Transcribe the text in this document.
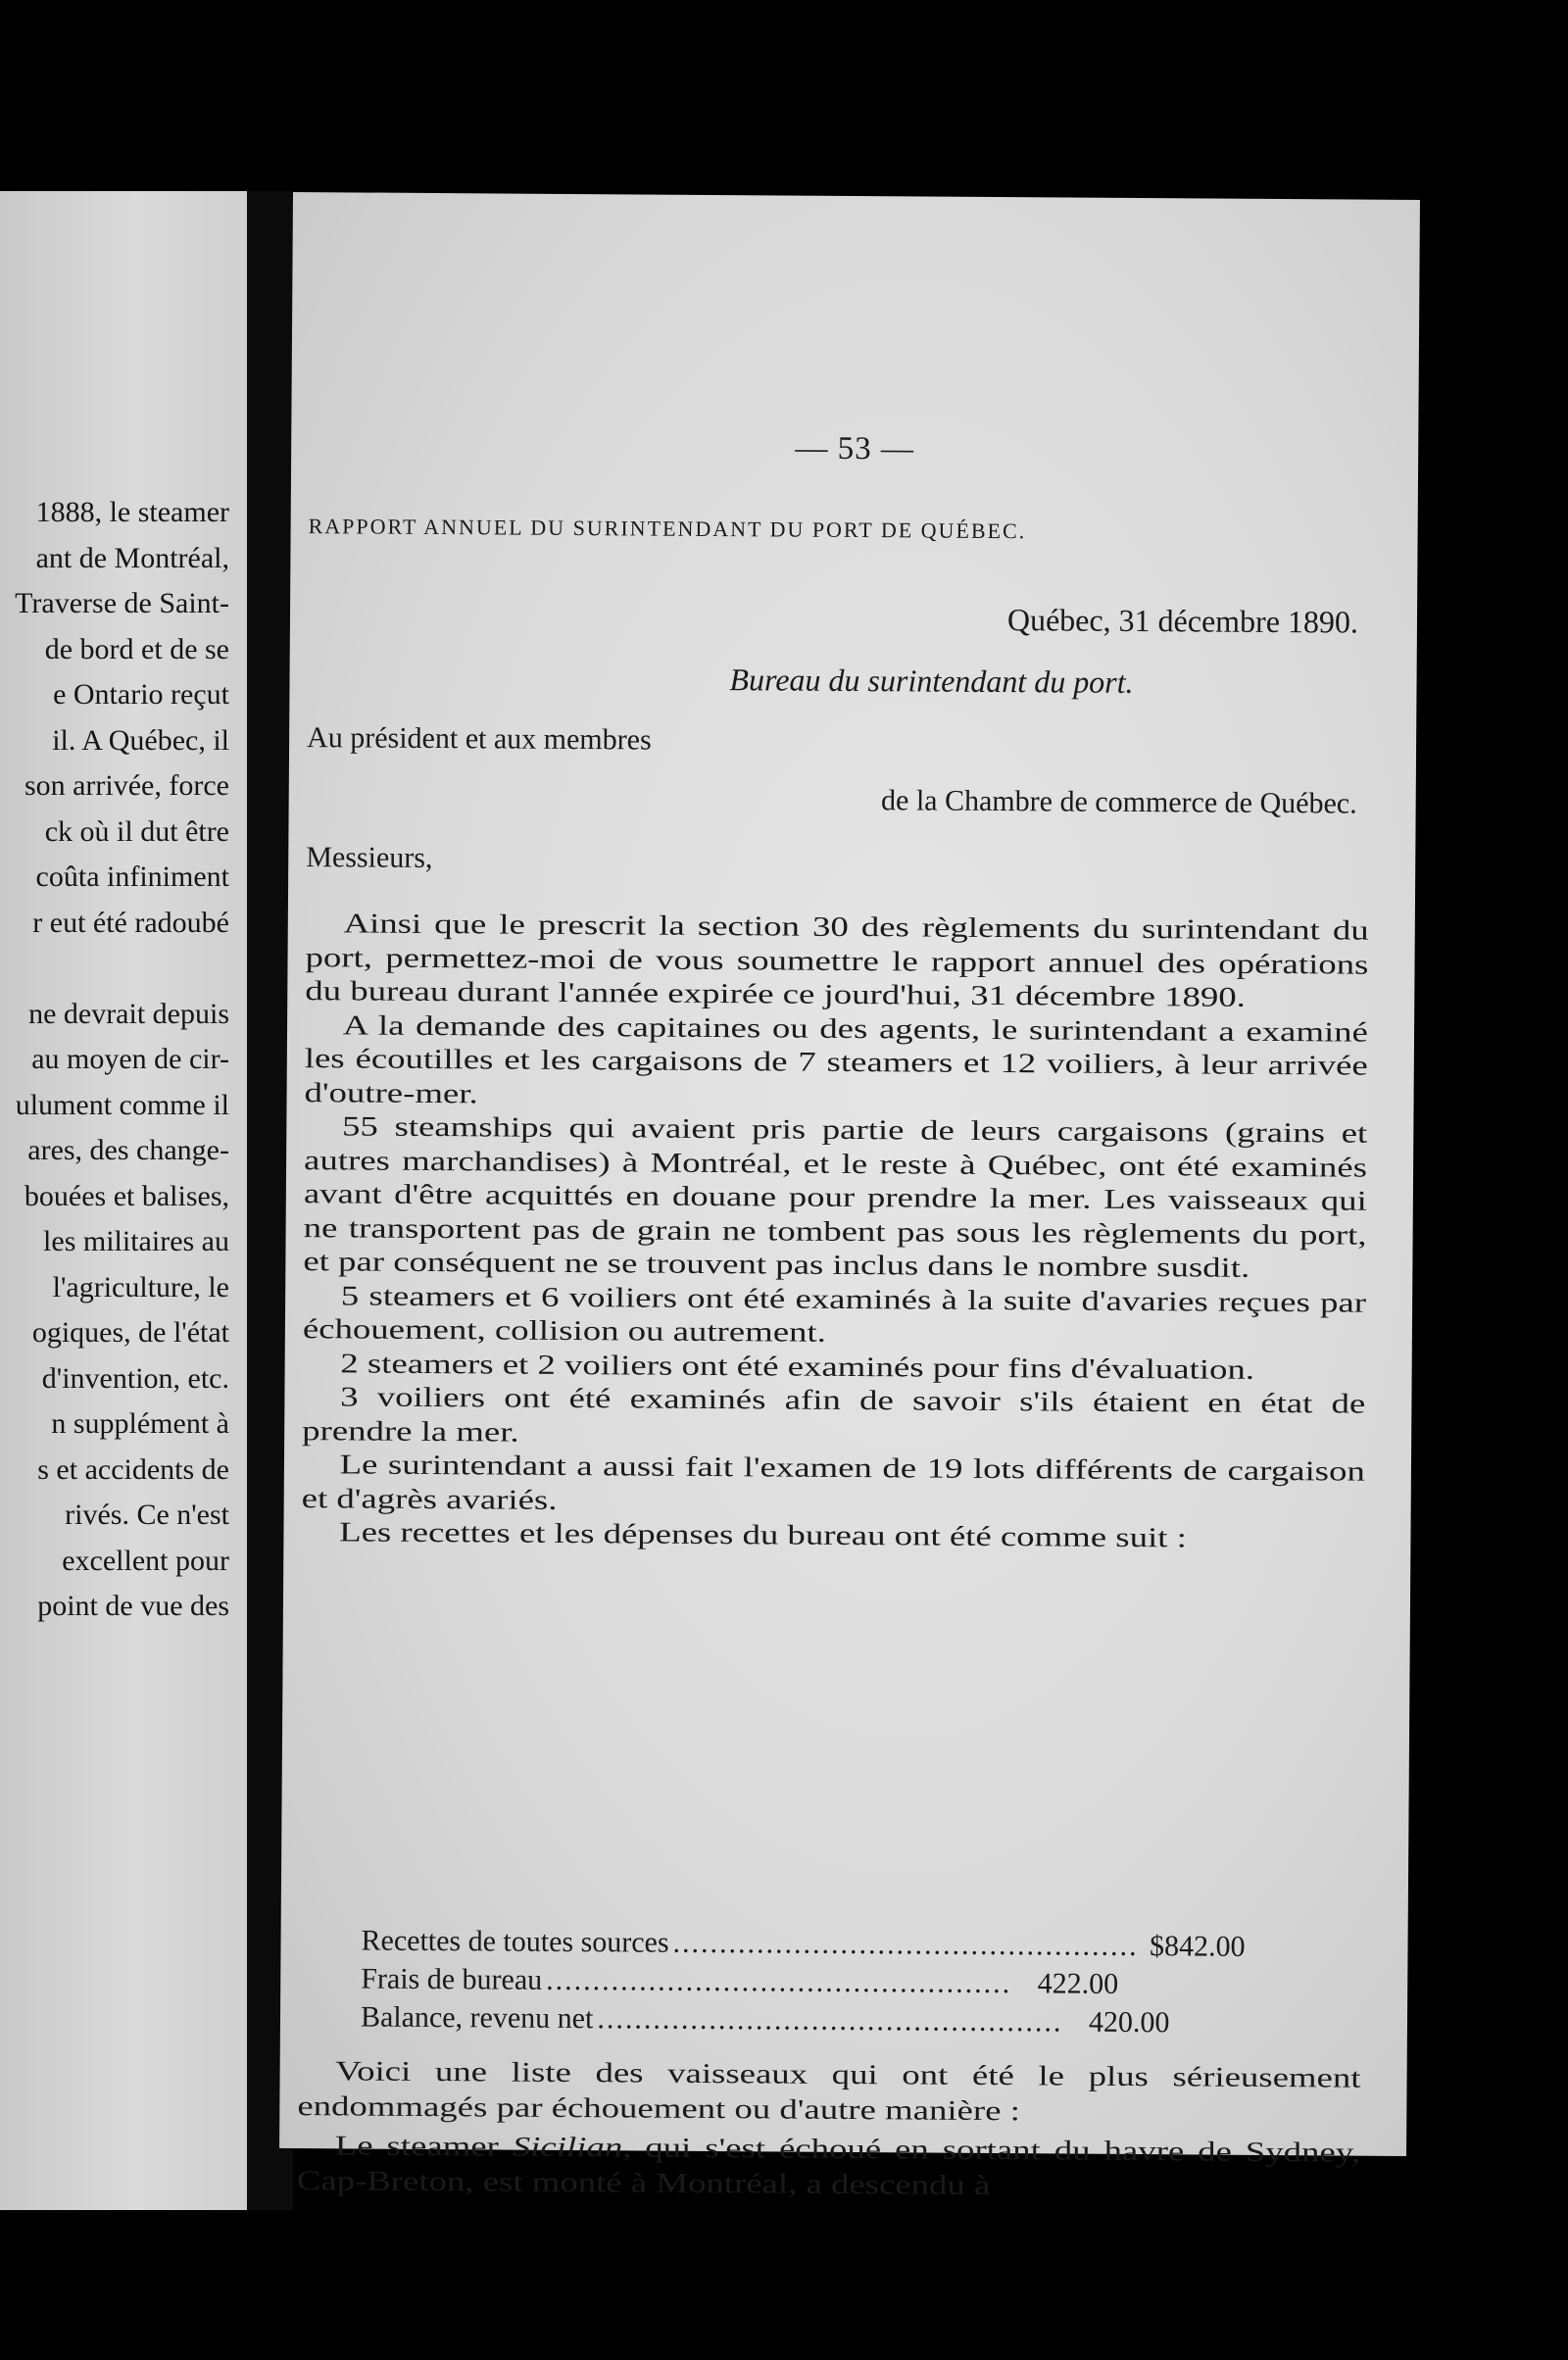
1888, le steamer
ant de Montréal,
Traverse de Saint-
de bord et de se
e Ontario reçut
il. A Québec, il
son arrivée, force
ck où il dut être
coûta infiniment
r eut été radoubé
ne devrait depuis
au moyen de cir-
ulument comme il
ares, des change-
bouées et balises,
les militaires au
l'agriculture, le
ogiques, de l'état
d'invention, etc.
n supplément à
s et accidents de
rivés. Ce n'est
excellent pour
point de vue des
— 53 —
RAPPORT ANNUEL DU SURINTENDANT DU PORT DE QUÉBEC.
Québec, 31 décembre 1890.
Bureau du surintendant du port.
Au président et aux membres
de la Chambre de commerce de Québec.
Messieurs,

Ainsi que le prescrit la section 30 des règlements du surintendant du port, permettez-moi de vous soumettre le rapport annuel des opérations du bureau durant l'année expirée ce jourd'hui, 31 décembre 1890.

A la demande des capitaines ou des agents, le surintendant a examiné les écoutilles et les cargaisons de 7 steamers et 12 voiliers, à leur arrivée d'outre-mer.

55 steamships qui avaient pris partie de leurs cargaisons (grains et autres marchandises) à Montréal, et le reste à Québec, ont été examinés avant d'être acquittés en douane pour prendre la mer. Les vaisseaux qui ne transportent pas de grain ne tombent pas sous les règlements du port, et par conséquent ne se trouvent pas inclus dans le nombre susdit.

5 steamers et 6 voiliers ont été examinés à la suite d'avaries reçues par échouement, collision ou autrement.

2 steamers et 2 voiliers ont été examinés pour fins d'évaluation.

3 voiliers ont été examinés afin de savoir s'ils étaient en état de prendre la mer.

Le surintendant a aussi fait l'examen de 19 lots différents de cargaison et d'agrès avariés.

Les recettes et les dépenses du bureau ont été comme suit :

Recettes de toutes sources .................................................. $842.00
Frais de bureau .................................................. 422.00
Balance, revenu net .................................................. 420.00

Voici une liste des vaisseaux qui ont été le plus sérieusement endommagés par échouement ou d'autre manière :

Le steamer Sicilian, qui s'est échoué en sortant du havre de Sydney, Cap-Breton, est monté à Montréal, a descendu à
